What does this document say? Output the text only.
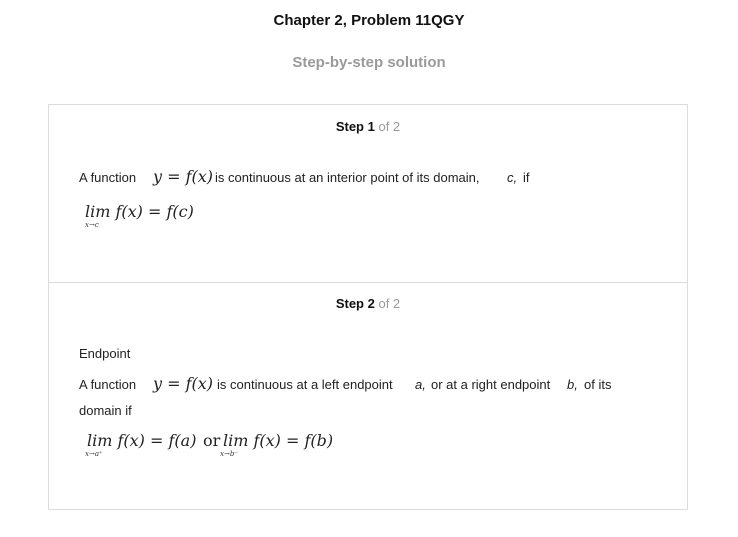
Chapter 2, Problem 11QGY
Step-by-step solution
Step 1 of 2
A function y = f(x) is continuous at an interior point of its domain, c, if
lim f(x) = f(c)
x→c
Step 2 of 2
Endpoint
A function y = f(x) is continuous at a left endpoint a, or at a right endpoint b, of its
domain if
lim f(x) = f(a)
x→a⁺
or lim f(x) = f(b)
x→b⁻
